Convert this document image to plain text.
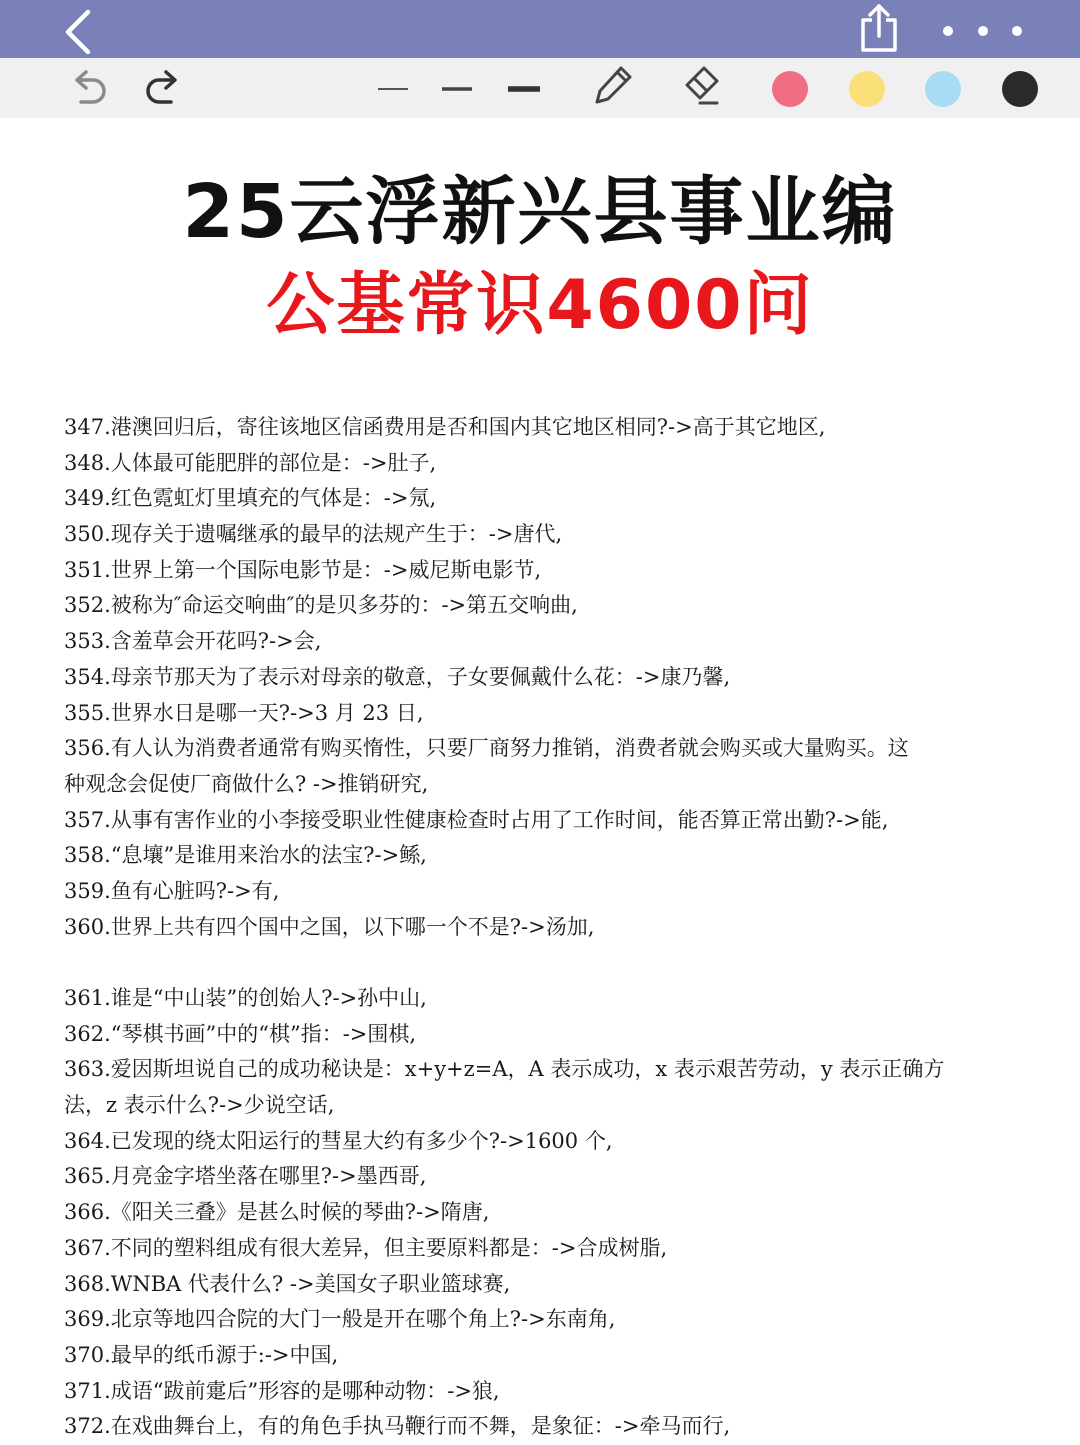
25云浮新兴县事业编
公基常识4600问
347.港澳回归后，寄往该地区信函费用是否和国内其它地区相同?->高于其它地区,
348.人体最可能肥胖的部位是：->肚子,
349.红色霓虹灯里填充的气体是：->氖,
350.现存关于遗嘱继承的最早的法规产生于：->唐代,
351.世界上第一个国际电影节是：->威尼斯电影节,
352.被称为″命运交响曲″的是贝多芬的：->第五交响曲,
353.含羞草会开花吗?->会,
354.母亲节那天为了表示对母亲的敬意，子女要佩戴什么花：->康乃馨,
355.世界水日是哪一天?->3 月 23 日,
356.有人认为消费者通常有购买惰性，只要厂商努力推销，消费者就会购买或大量购买。这
种观念会促使厂商做什么? ->推销研究,
357.从事有害作业的小李接受职业性健康检查时占用了工作时间，能否算正常出勤?->能,
358.“息壤”是谁用来治水的法宝?->鲧,
359.鱼有心脏吗?->有,
360.世界上共有四个国中之国，以下哪一个不是?->汤加,
361.谁是“中山装”的创始人?->孙中山,
362.“琴棋书画”中的“棋”指：->围棋,
363.爱因斯坦说自己的成功秘诀是：x+y+z=A，A 表示成功，x 表示艰苦劳动，y 表示正确方
法，z 表示什么?->少说空话,
364.已发现的绕太阳运行的彗星大约有多少个?->1600 个,
365.月亮金字塔坐落在哪里?->墨西哥,
366.《阳关三叠》是甚么时候的琴曲?->隋唐,
367.不同的塑料组成有很大差异，但主要原料都是：->合成树脂,
368.WNBA 代表什么? ->美国女子职业篮球赛,
369.北京等地四合院的大门一般是开在哪个角上?->东南角,
370.最早的纸币源于:->中国,
371.成语“跋前疐后”形容的是哪种动物：->狼,
372.在戏曲舞台上，有的角色手执马鞭行而不舞，是象征：->牵马而行,
